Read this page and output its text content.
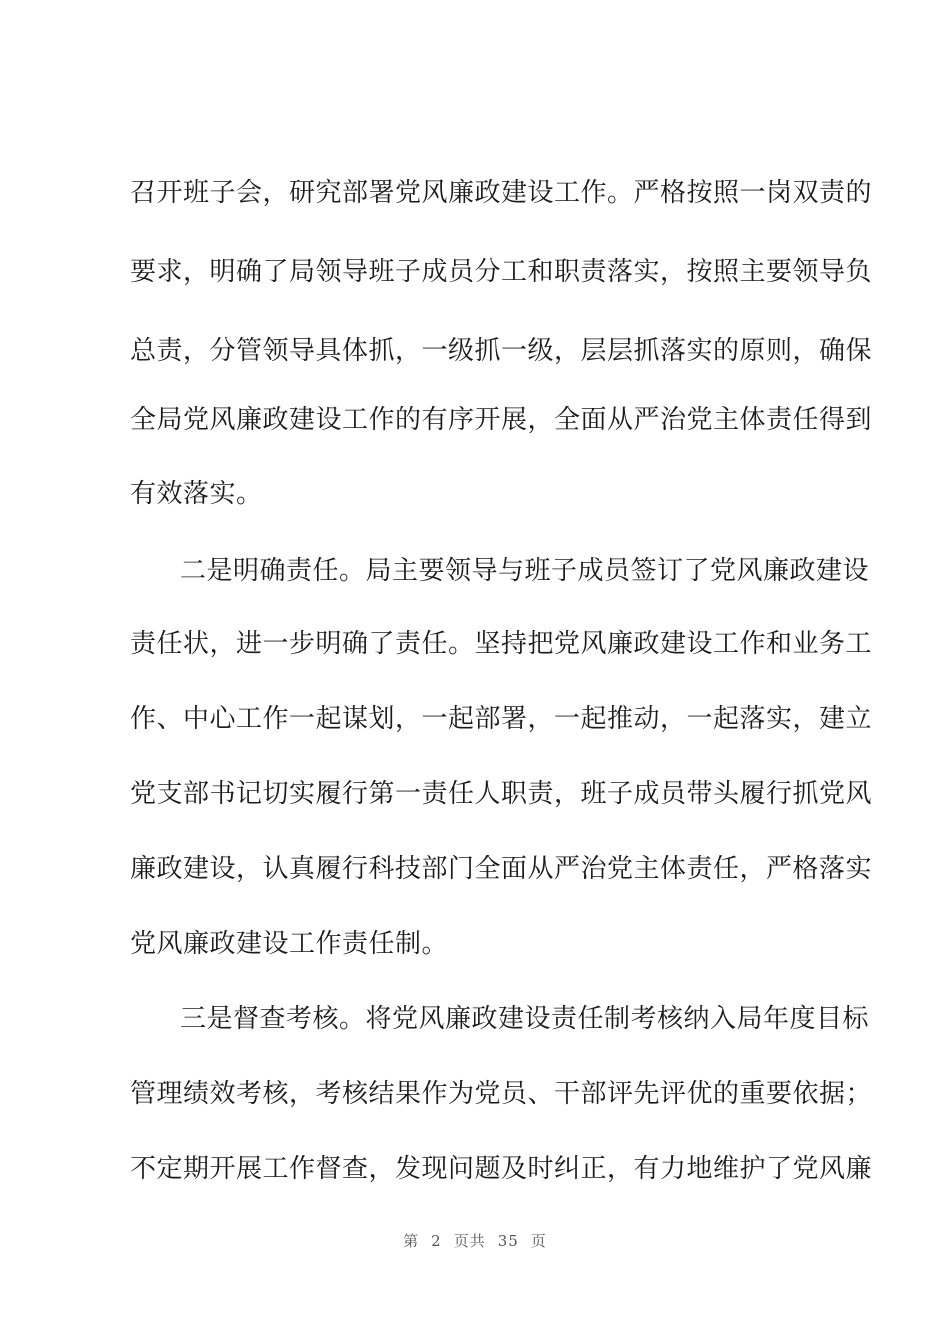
召开班子会，研究部署党风廉政建设工作。严格按照一岗双责的
要求，明确了局领导班子成员分工和职责落实，按照主要领导负
总责，分管领导具体抓，一级抓一级，层层抓落实的原则，确保
全局党风廉政建设工作的有序开展，全面从严治党主体责任得到
有效落实。
二是明确责任。局主要领导与班子成员签订了党风廉政建设
责任状，进一步明确了责任。坚持把党风廉政建设工作和业务工
作、中心工作一起谋划，一起部署，一起推动，一起落实，建立
党支部书记切实履行第一责任人职责，班子成员带头履行抓党风
廉政建设，认真履行科技部门全面从严治党主体责任，严格落实
党风廉政建设工作责任制。
三是督查考核。将党风廉政建设责任制考核纳入局年度目标
管理绩效考核，考核结果作为党员、干部评先评优的重要依据；
不定期开展工作督查，发现问题及时纠正，有力地维护了党风廉
第 2 页共 35 页
